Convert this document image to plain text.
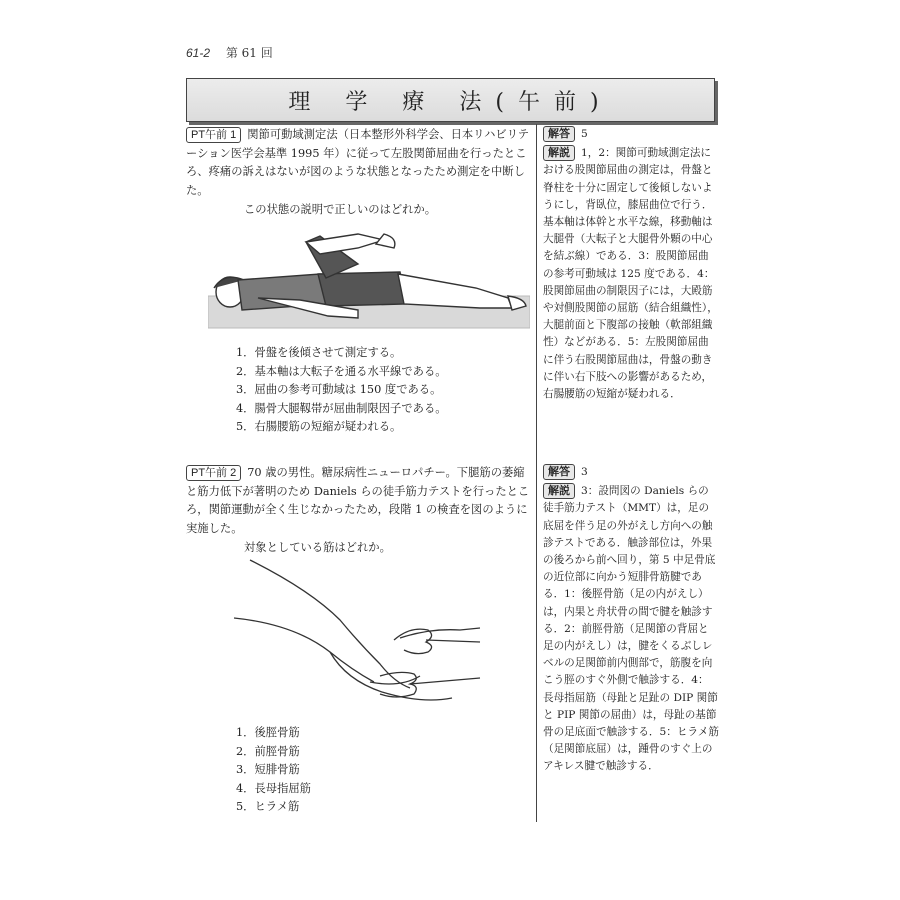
61-2 第 61 回
理 学 療 法(午前)

PT午前 1 関節可動域測定法（日本整形外科学会、日本リハビリテーション医学会基準 1995 年）に従って左股関節屈曲を行ったところ、疼痛の訴えはないが図のような状態となったため測定を中断した。

この状態の説明で正しいのはどれか。

1．骨盤を後傾させて測定する。
2．基本軸は大転子を通る水平線である。
3．屈曲の参考可動域は 150 度である。
4．腸骨大腿靱帯が屈曲制限因子である。
5．右腸腰筋の短縮が疑われる。

解答 5

解説 1，2：関節可動域測定法における股関節屈曲の測定は，骨盤と脊柱を十分に固定して後傾しないようにし，背臥位，膝屈曲位で行う．基本軸は体幹と水平な線，移動軸は大腿骨（大転子と大腿骨外顆の中心を結ぶ線）である．3：股関節屈曲の参考可動域は 125 度である．4：股関節屈曲の制限因子には，大殿筋や対側股関節の屈筋（結合組織性），大腿前面と下腹部の接触（軟部組織性）などがある．5：左股関節屈曲に伴う右股関節屈曲は，骨盤の動きに伴い右下肢への影響があるため，右腸腰筋の短縮が疑われる．

PT午前 2 70 歳の男性。糖尿病性ニューロパチー。下腿筋の萎縮と筋力低下が著明のため Daniels らの徒手筋力テストを行ったところ，関節運動が全く生じなかったため，段階 1 の検査を図のように実施した。

対象としている筋はどれか。

1．後脛骨筋
2．前脛骨筋
3．短腓骨筋
4．長母指屈筋
5．ヒラメ筋

解答 3

解説 3：設問図の Daniels らの徒手筋力テスト（MMT）は，足の底屈を伴う足の外がえし方向への触診テストである．触診部位は，外果の後ろから前へ回り，第 5 中足骨底の近位部に向かう短腓骨筋腱である．1：後脛骨筋（足の内がえし）は，内果と舟状骨の間で腱を触診する．2：前脛骨筋（足関節の背屈と足の内がえし）は，腱をくるぶしレベルの足関節前内側部で，筋腹を向こう脛のすぐ外側で触診する．4：長母指屈筋（母趾と足趾の DIP 関節と PIP 関節の屈曲）は，母趾の基節骨の足底面で触診する．5：ヒラメ筋（足関節底屈）は，踵骨のすぐ上のアキレス腱で触診する．
